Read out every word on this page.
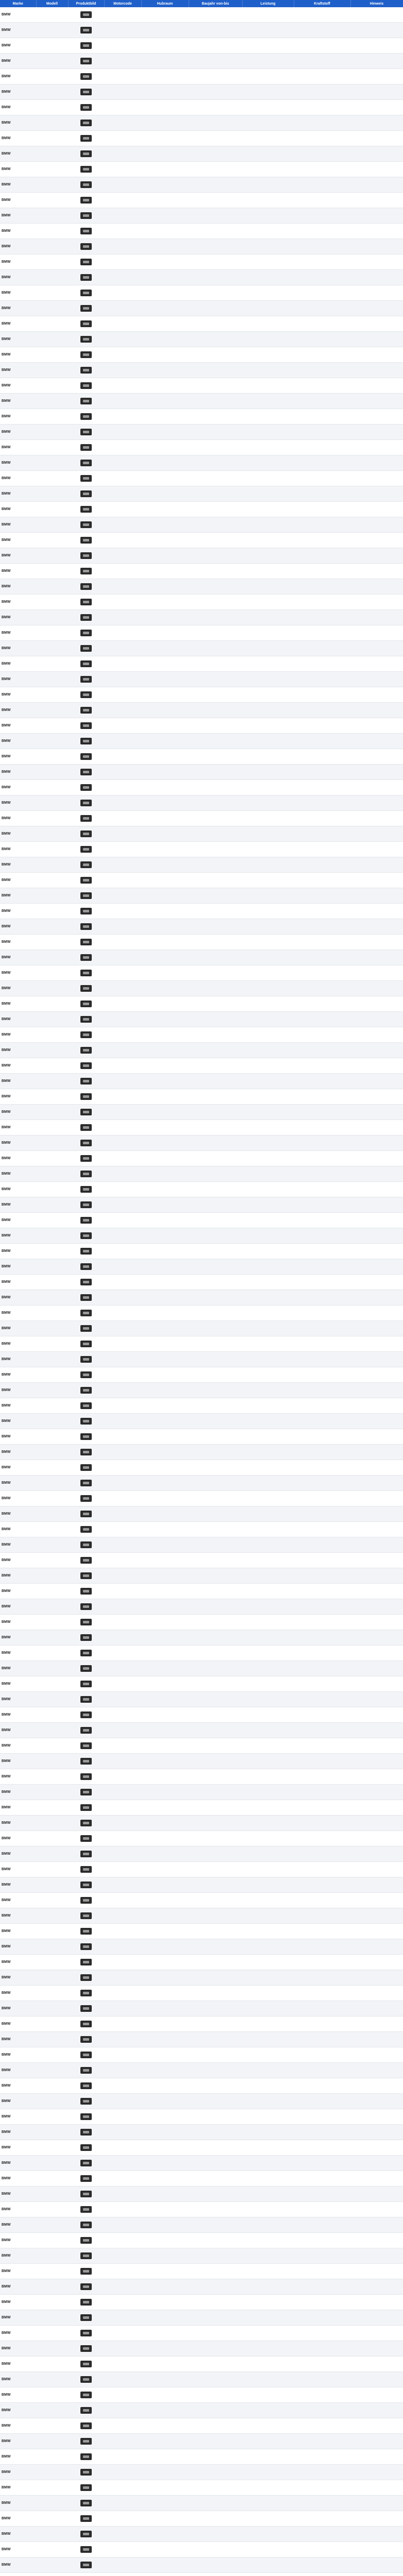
Marke	Modell	Produktbild	Motorcode	Hubraum	Baujahr von-bis	Leistung	Kraftstoff	Hinweis
BMW								
BMW								
BMW								
BMW								
BMW								
BMW								
BMW								
BMW								
BMW								
BMW								
BMW								
BMW								
BMW								
BMW								
BMW								
BMW								
BMW								
BMW								
BMW								
BMW								
BMW								
BMW								
BMW								
BMW								
BMW								
BMW								
BMW								
BMW								
BMW								
BMW								
BMW								
BMW								
BMW								
BMW								
BMW								
BMW								
BMW								
BMW								
BMW								
BMW								
BMW								
BMW								
BMW								
BMW								
BMW								
BMW								
BMW								
BMW								
BMW								
BMW								
BMW								
BMW								
BMW								
BMW								
BMW								
BMW								
BMW								
BMW								
BMW								
BMW								
BMW								
BMW								
BMW								
BMW								
BMW								
BMW								
BMW								
BMW								
BMW								
BMW								
BMW								
BMW								
BMW								
BMW								
BMW								
BMW								
BMW								
BMW								
BMW								
BMW								
BMW								
BMW								
BMW								
BMW								
BMW								
BMW								
BMW								
BMW								
BMW								
BMW								
BMW								
BMW								
BMW								
BMW								
BMW								
BMW								
BMW								
BMW								
BMW								
BMW								
BMW								
BMW								
BMW								
BMW								
BMW								
BMW								
BMW								
BMW								
BMW								
BMW								
BMW								
BMW								
BMW								
BMW								
BMW								
BMW								
BMW								
BMW								
BMW								
BMW								
BMW								
BMW								
BMW								
BMW								
BMW								
BMW								
BMW								
BMW								
BMW								
BMW								
BMW								
BMW								
BMW								
BMW								
BMW								
BMW								
BMW								
BMW								
BMW								
BMW								
BMW								
BMW								
BMW								
BMW								
BMW								
BMW								
BMW								
BMW								
BMW								
BMW								
BMW								
BMW								
BMW								
BMW								
BMW								
BMW								
BMW								
BMW								
BMW								
BMW								
BMW								
BMW								
BMW								
BMW								
BMW								
BMW								
